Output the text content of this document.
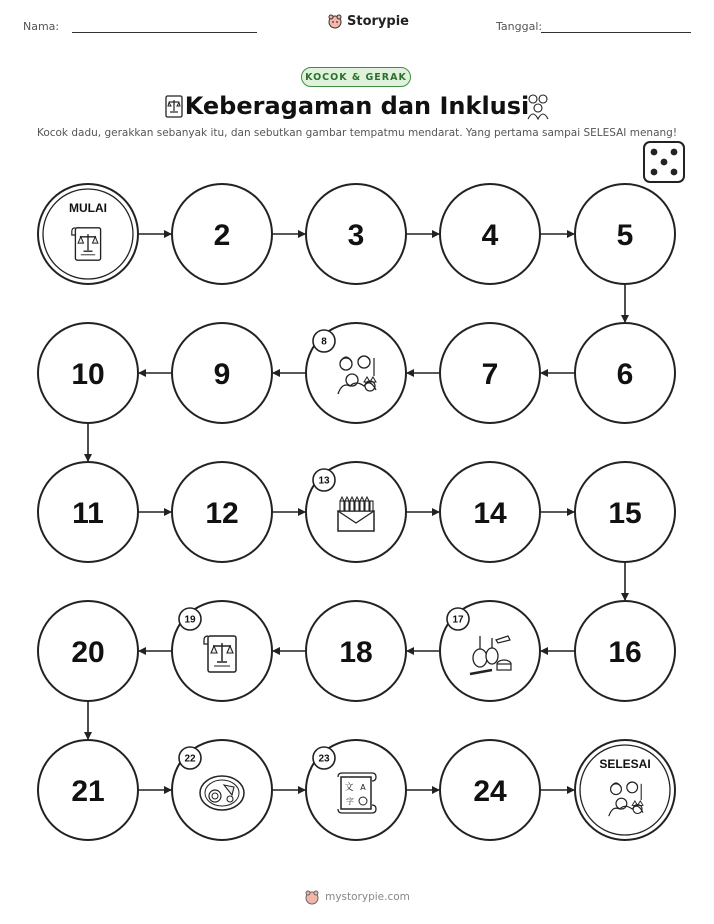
Nama:	Storypie	Tanggal:
KOCOK & GERAK
Keberagaman dan Inklusi
Kocok dadu, gerakkan sebanyak itu, dan sebutkan gambar tempatmu mendarat. Yang pertama sampai SELESAI menang!
MULAI
2	3	4	5
6
7
8
9
10
11	12
13
14	15
16
17
18
19
20
21
22	23
24
SELESAI
mystorypie.com
